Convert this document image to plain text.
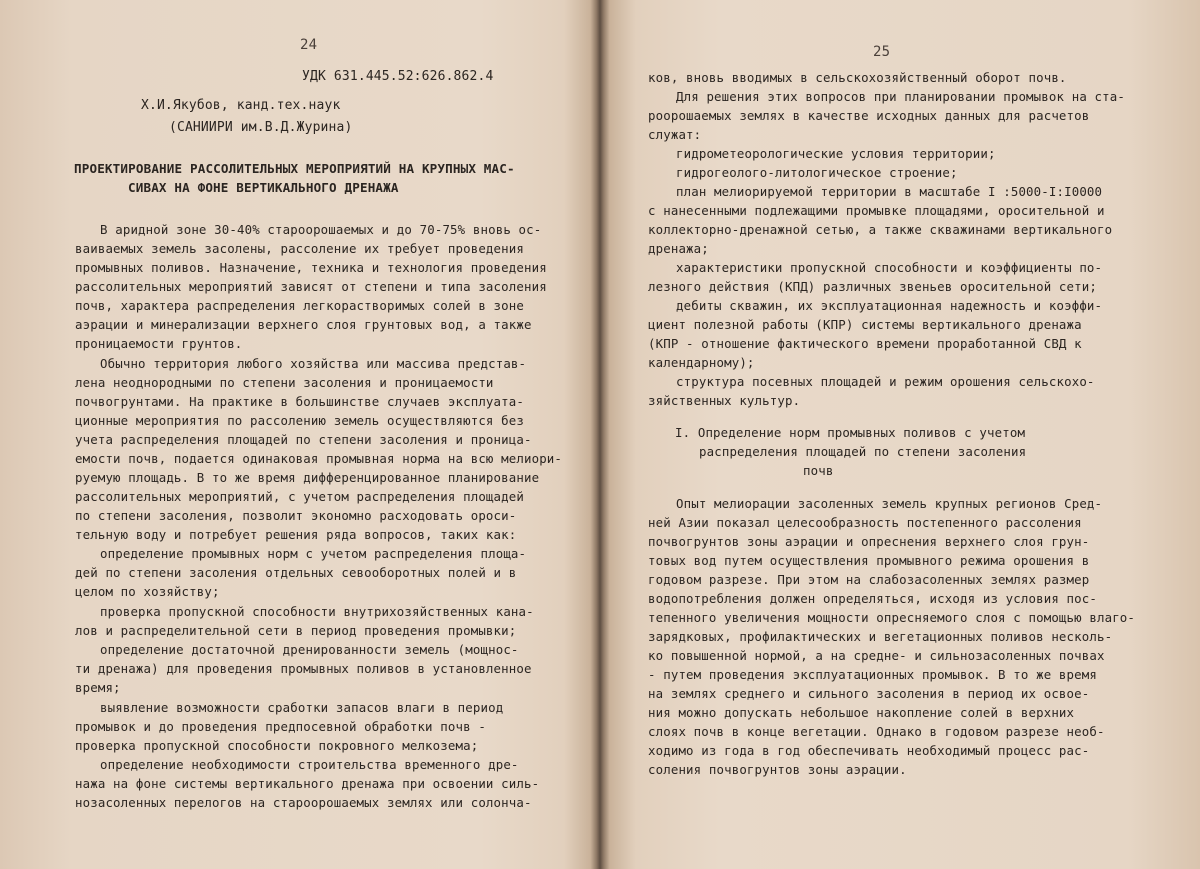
24
УДК 631.445.52:626.862.4
Х.И.Якубов, канд.тех.наук
(САНИИРИ им.В.Д.Журина)
ПРОЕКТИРОВАНИЕ РАССОЛИТЕЛЬНЫХ МЕРОПРИЯТИЙ НА КРУПНЫХ МАС-
СИВАХ НА ФОНЕ ВЕРТИКАЛЬНОГО ДРЕНАЖА
В аридной зоне 30-40% староорошаемых и до 70-75% вновь ос-
ваиваемых земель засолены, рассоление их требует проведения
промывных поливов. Назначение, техника и технология проведения
рассолительных мероприятий зависят от степени и типа засоления
почв, характера распределения легкорастворимых солей в зоне
аэрации и минерализации верхнего слоя грунтовых вод, а также
проницаемости грунтов.
Обычно территория любого хозяйства или массива представ-
лена неоднородными по степени засоления и проницаемости
почвогрунтами. На практике в большинстве случаев эксплуата-
ционные мероприятия по рассолению земель осуществляются без
учета распределения площадей по степени засоления и проница-
емости почв, подается одинаковая промывная норма на всю мелиори-
руемую площадь. В то же время дифференцированное планирование
рассолительных мероприятий, с учетом распределения площадей
по степени засоления, позволит экономно расходовать ороси-
тельную воду и потребует решения ряда вопросов, таких как:
определение промывных норм с учетом распределения площа-
дей по степени засоления отдельных севооборотных полей и в
целом по хозяйству;
проверка пропускной способности внутрихозяйственных кана-
лов и распределительной сети в период проведения промывки;
определение достаточной дренированности земель (мощнос-
ти дренажа) для проведения промывных поливов в установленное
время;
выявление возможности сработки запасов влаги в период
промывок и до проведения предпосевной обработки почв -
проверка пропускной способности покровного мелкозема;
определение необходимости строительства временного дре-
нажа на фоне системы вертикального дренажа при освоении силь-
нозасоленных перелогов на староорошаемых землях или солонча-
25
ков, вновь вводимых в сельскохозяйственный оборот почв.
Для решения этих вопросов при планировании промывок на ста-
роорошаемых землях в качестве исходных данных для расчетов
служат:
гидрометеорологические условия территории;
гидрогеолого-литологическое строение;
план мелиорируемой территории в масштабе I :5000-I:I0000
с нанесенными подлежащими промывке площадями, оросительной и
коллекторно-дренажной сетью, а также скважинами вертикального
дренажа;
характеристики пропускной способности и коэффициенты по-
лезного действия (КПД) различных звеньев оросительной сети;
дебиты скважин, их эксплуатационная надежность и коэффи-
циент полезной работы (КПР) системы вертикального дренажа
(КПР - отношение фактического времени проработанной СВД к
календарному);
структура посевных площадей и режим орошения сельскохо-
зяйственных культур.
I. Определение норм промывных поливов с учетом
распределения площадей по степени засоления
почв
Опыт мелиорации засоленных земель крупных регионов Сред-
ней Азии показал целесообразность постепенного рассоления
почвогрунтов зоны аэрации и опреснения верхнего слоя грун-
товых вод путем осуществления промывного режима орошения в
годовом разрезе. При этом на слабозасоленных землях размер
водопотребления должен определяться, исходя из условия пос-
тепенного увеличения мощности опресняемого слоя с помощью влаго-
зарядковых, профилактических и вегетационных поливов несколь-
ко повышенной нормой, а на средне- и сильнозасоленных почвах
- путем проведения эксплуатационных промывок. В то же время
на землях среднего и сильного засоления в период их освое-
ния можно допускать небольшое накопление солей в верхних
слоях почв в конце вегетации. Однако в годовом разрезе необ-
ходимо из года в год обеспечивать необходимый процесс рас-
соления почвогрунтов зоны аэрации.
